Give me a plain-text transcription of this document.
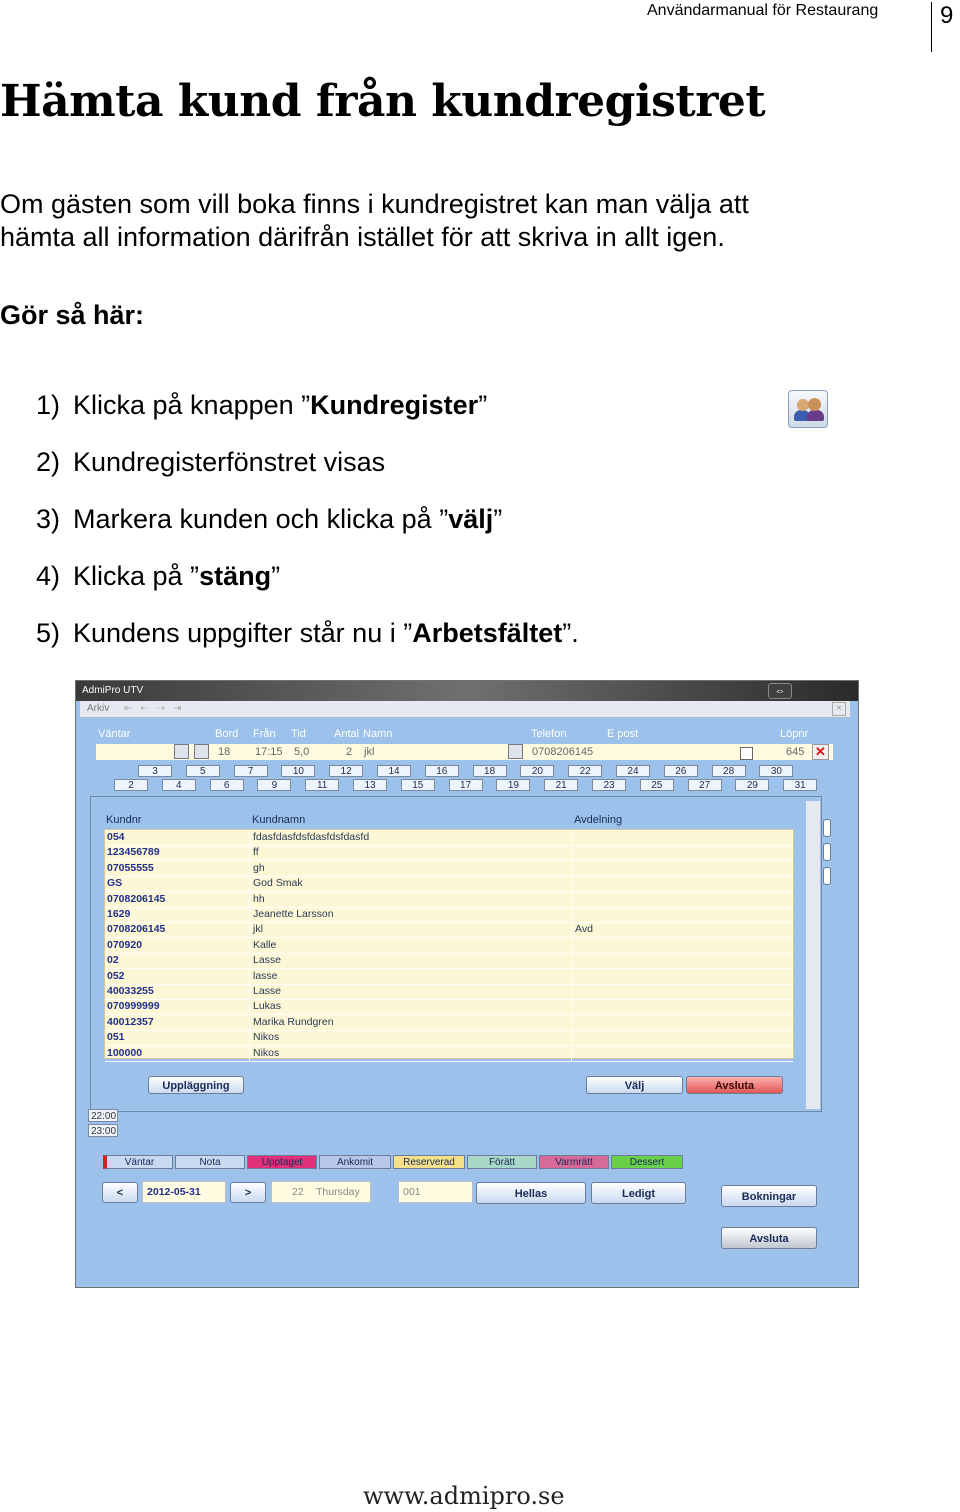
Användarmanual för Restaurang	9
Hämta kund från kundregistret

Om gästen som vill boka finns i kundregistret kan man välja att hämta all information därifrån istället för att skriva in allt igen.

Gör så här:
1) Klicka på knappen ”Kundregister”
2) Kundregisterfönstret visas
3) Markera kunden och klicka på ”välj”
4) Klicka på ”stäng”
5) Kundens uppgifter står nu i ”Arbetsfältet”.
AdmiPro UTV	⇔
Arkiv ⇤⇠⇢⇥	×
Väntar	Bord Från Tid	Antal Namn	Telefon	E post	Löpnr
18 17:15 5,0	2 jkl	0708206145	645 ✕
Kundnr	Kundnamn	Avdelning
054	fdasfdasfdsfdasfdsfdasfd
123456789	ff
07055555	gh
GS	God Smak
0708206145	hh
1629	Jeanette Larsson
0708206145	jkl	Avd
070920	Kalle
02	Lasse
052	lasse
40033255	Lasse
070999999	Lukas
40012357	Marika Rundgren
051	Nikos
100000	Nikos
Uppläggning	Välj	Avsluta
22:00
23:00
<	2012-05-31	>	22 Thursday	001	Hellas	Ledigt	Bokningar
Avsluta
3	5	7	10	12	14	16	18	20	22	24	26	28	30
2	4	6	9	11	13	15	17	19	21	23	25	27	29	31
Väntar	Nota	Upptaget	Ankomit	Reserverad	Förätt	Varmrätt	Dessert
www.admipro.se
